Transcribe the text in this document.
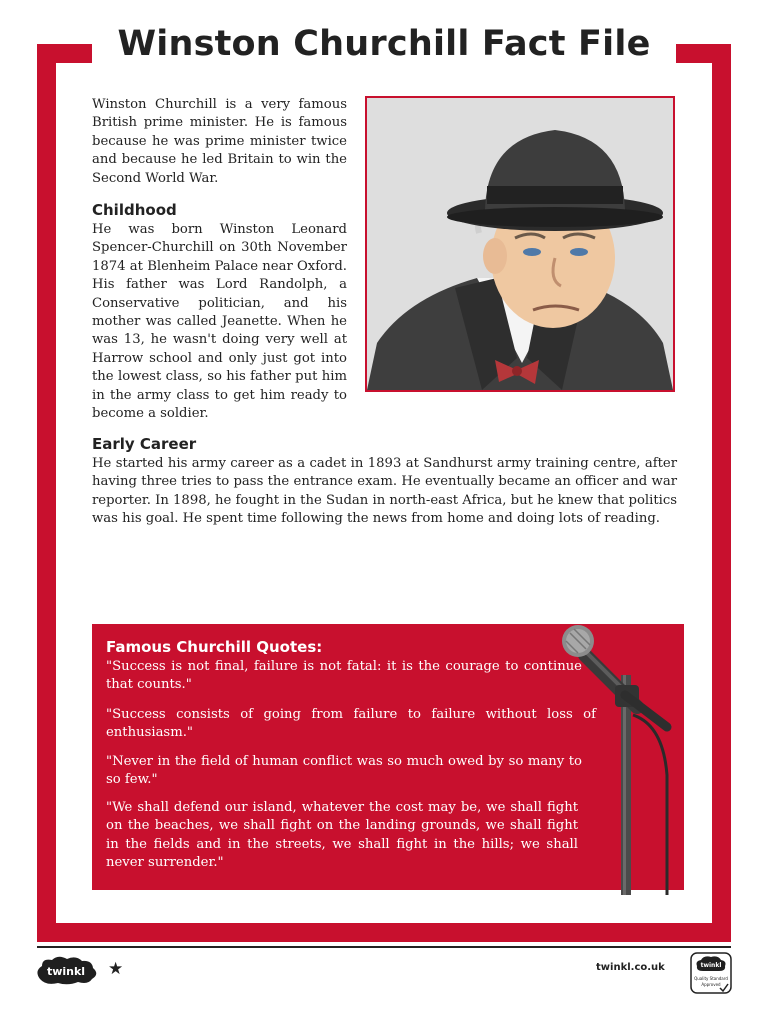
Winston Churchill Fact File

Winston Churchill is a very famous British prime minister. He is famous because he was prime minister twice and because he led Britain to win the Second World War.

Childhood

He was born Winston Leonard Spencer-Churchill on 30th November 1874 at Blenheim Palace near Oxford. His father was Lord Randolph, a Conservative politician, and his mother was called Jeanette. When he was 13, he wasn't doing very well at Harrow school and only just got into the lowest class, so his father put him in the army class to get him ready to become a soldier.

Early Career

He started his army career as a cadet in 1893 at Sandhurst army training centre, after having three tries to pass the entrance exam. He eventually became an officer and war reporter. In 1898, he fought in the Sudan in north-east Africa, but he knew that politics was his goal. He spent time following the news from home and doing lots of reading.

Famous Churchill Quotes:

"Success is not final, failure is not fatal: it is the courage to continue that counts."

"Success consists of going from failure to failure without loss of enthusiasm."

"Never in the field of human conflict was so much owed by so many to so few."

"We shall defend our island, whatever the cost may be, we shall fight on the beaches, we shall fight on the landing grounds, we shall fight in the fields and in the streets, we shall fight in the hills; we shall never surrender."

twinkl ★	twinkl.co.uk	twinkl
Quality Standard
Approved
